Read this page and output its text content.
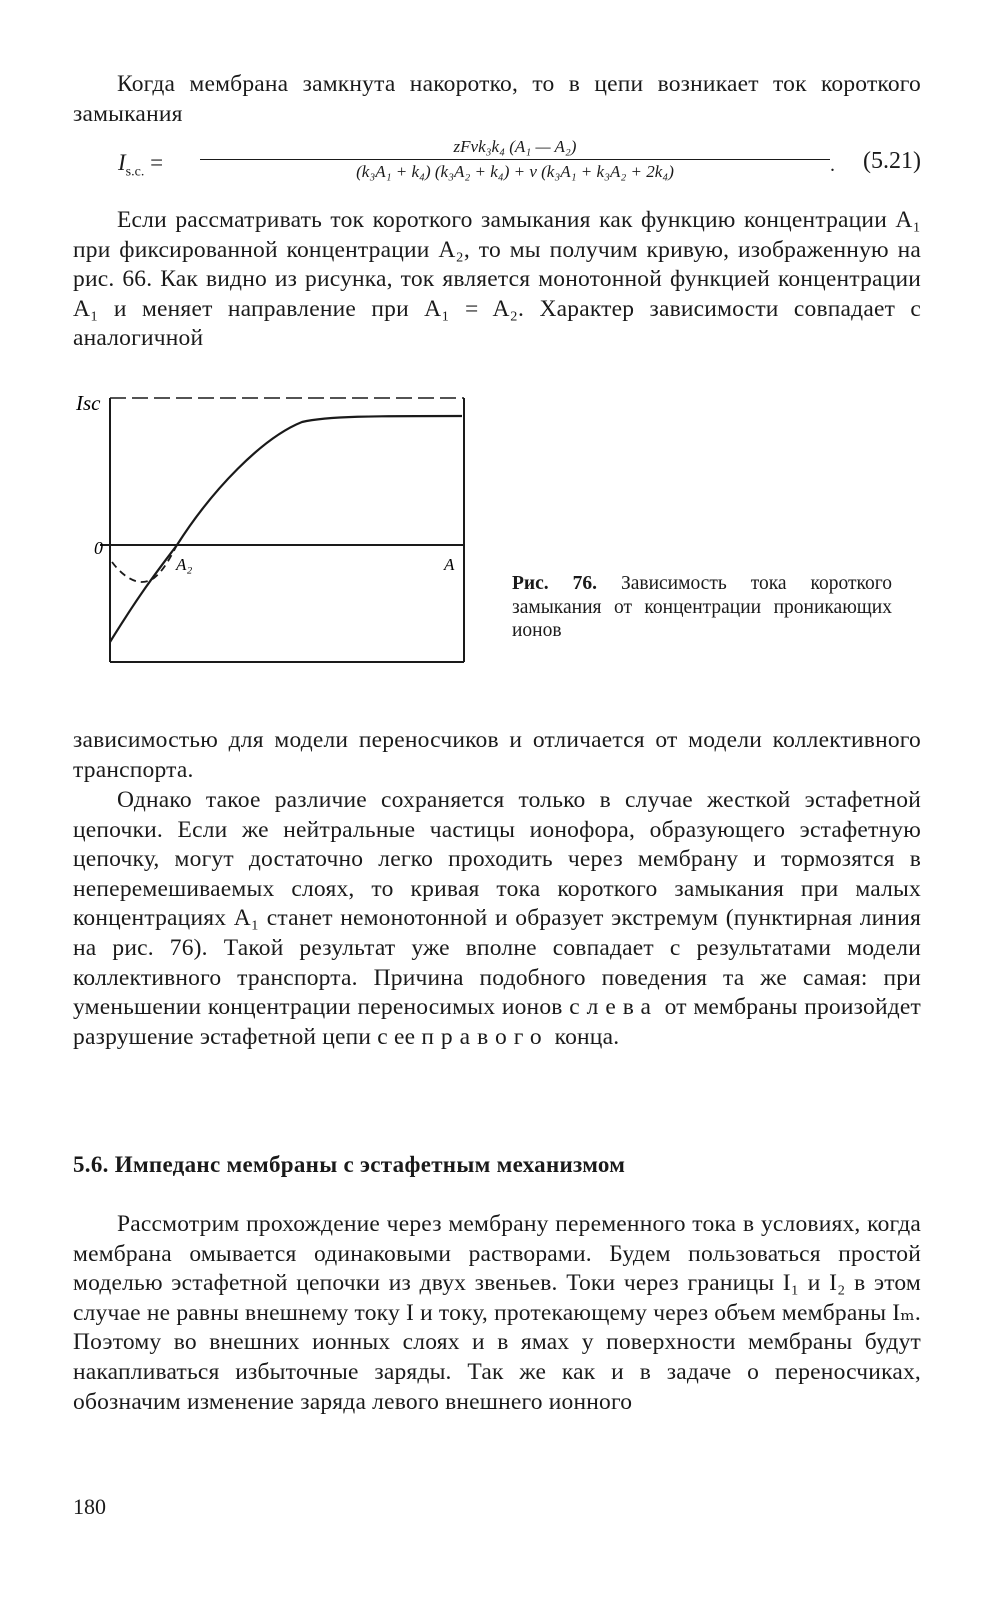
Когда мембрана замкнута накоротко, то в цепи возникает ток короткого замыкания

$I_{s.c.}$ =
zFνk₃k₄ (A₁ — A₂)
(k₃A₁ + k₄) (k₃A₂ + k₄) + ν (k₃A₁ + k₃A₂ + 2k₄)	. (5.21)

Если рассматривать ток короткого замыкания как функцию концентрации A₁ при фиксированной концентрации A₂, то мы получим кривую, изображенную на рис. 66. Как видно из рисунка, ток является монотонной функцией концентрации A₁ и меняет направление при A₁ = A₂. Характер зависимости совпадает с аналогичной

Isc
0
A₂	A

Рис. 76. Зависимость тока короткого замыкания от концентрации проникающих ионов

зависимостью для модели переносчиков и отличается от модели коллективного транспорта.

Однако такое различие сохраняется только в случае жесткой эстафетной цепочки. Если же нейтральные частицы ионофора, образующего эстафетную цепочку, могут достаточно легко проходить через мембрану и тормозятся в неперемешиваемых слоях, то кривая тока короткого замыкания при малых концентрациях A₁ станет немонотонной и образует экстремум (пунктирная линия на рис. 76). Такой результат уже вполне совпадает с результатами модели коллективного транспорта. Причина подобного поведения та же самая: при уменьшении концентрации переносимых ионов слева от мембраны произойдет разрушение эстафетной цепи с ее правого конца.

5.6. Импеданс мембраны с эстафетным механизмом

Рассмотрим прохождение через мембрану переменного тока в условиях, когда мембрана омывается одинаковыми растворами. Будем пользоваться простой моделью эстафетной цепочки из двух звеньев. Токи через границы I₁ и I₂ в этом случае не равны внешнему току I и току, протекающему через объем мембраны Iₘ. Поэтому во внешних ионных слоях и в ямах у поверхности мембраны будут накапливаться избыточные заряды. Так же как и в задаче о переносчиках, обозначим изменение заряда левого внешнего ионного

180
